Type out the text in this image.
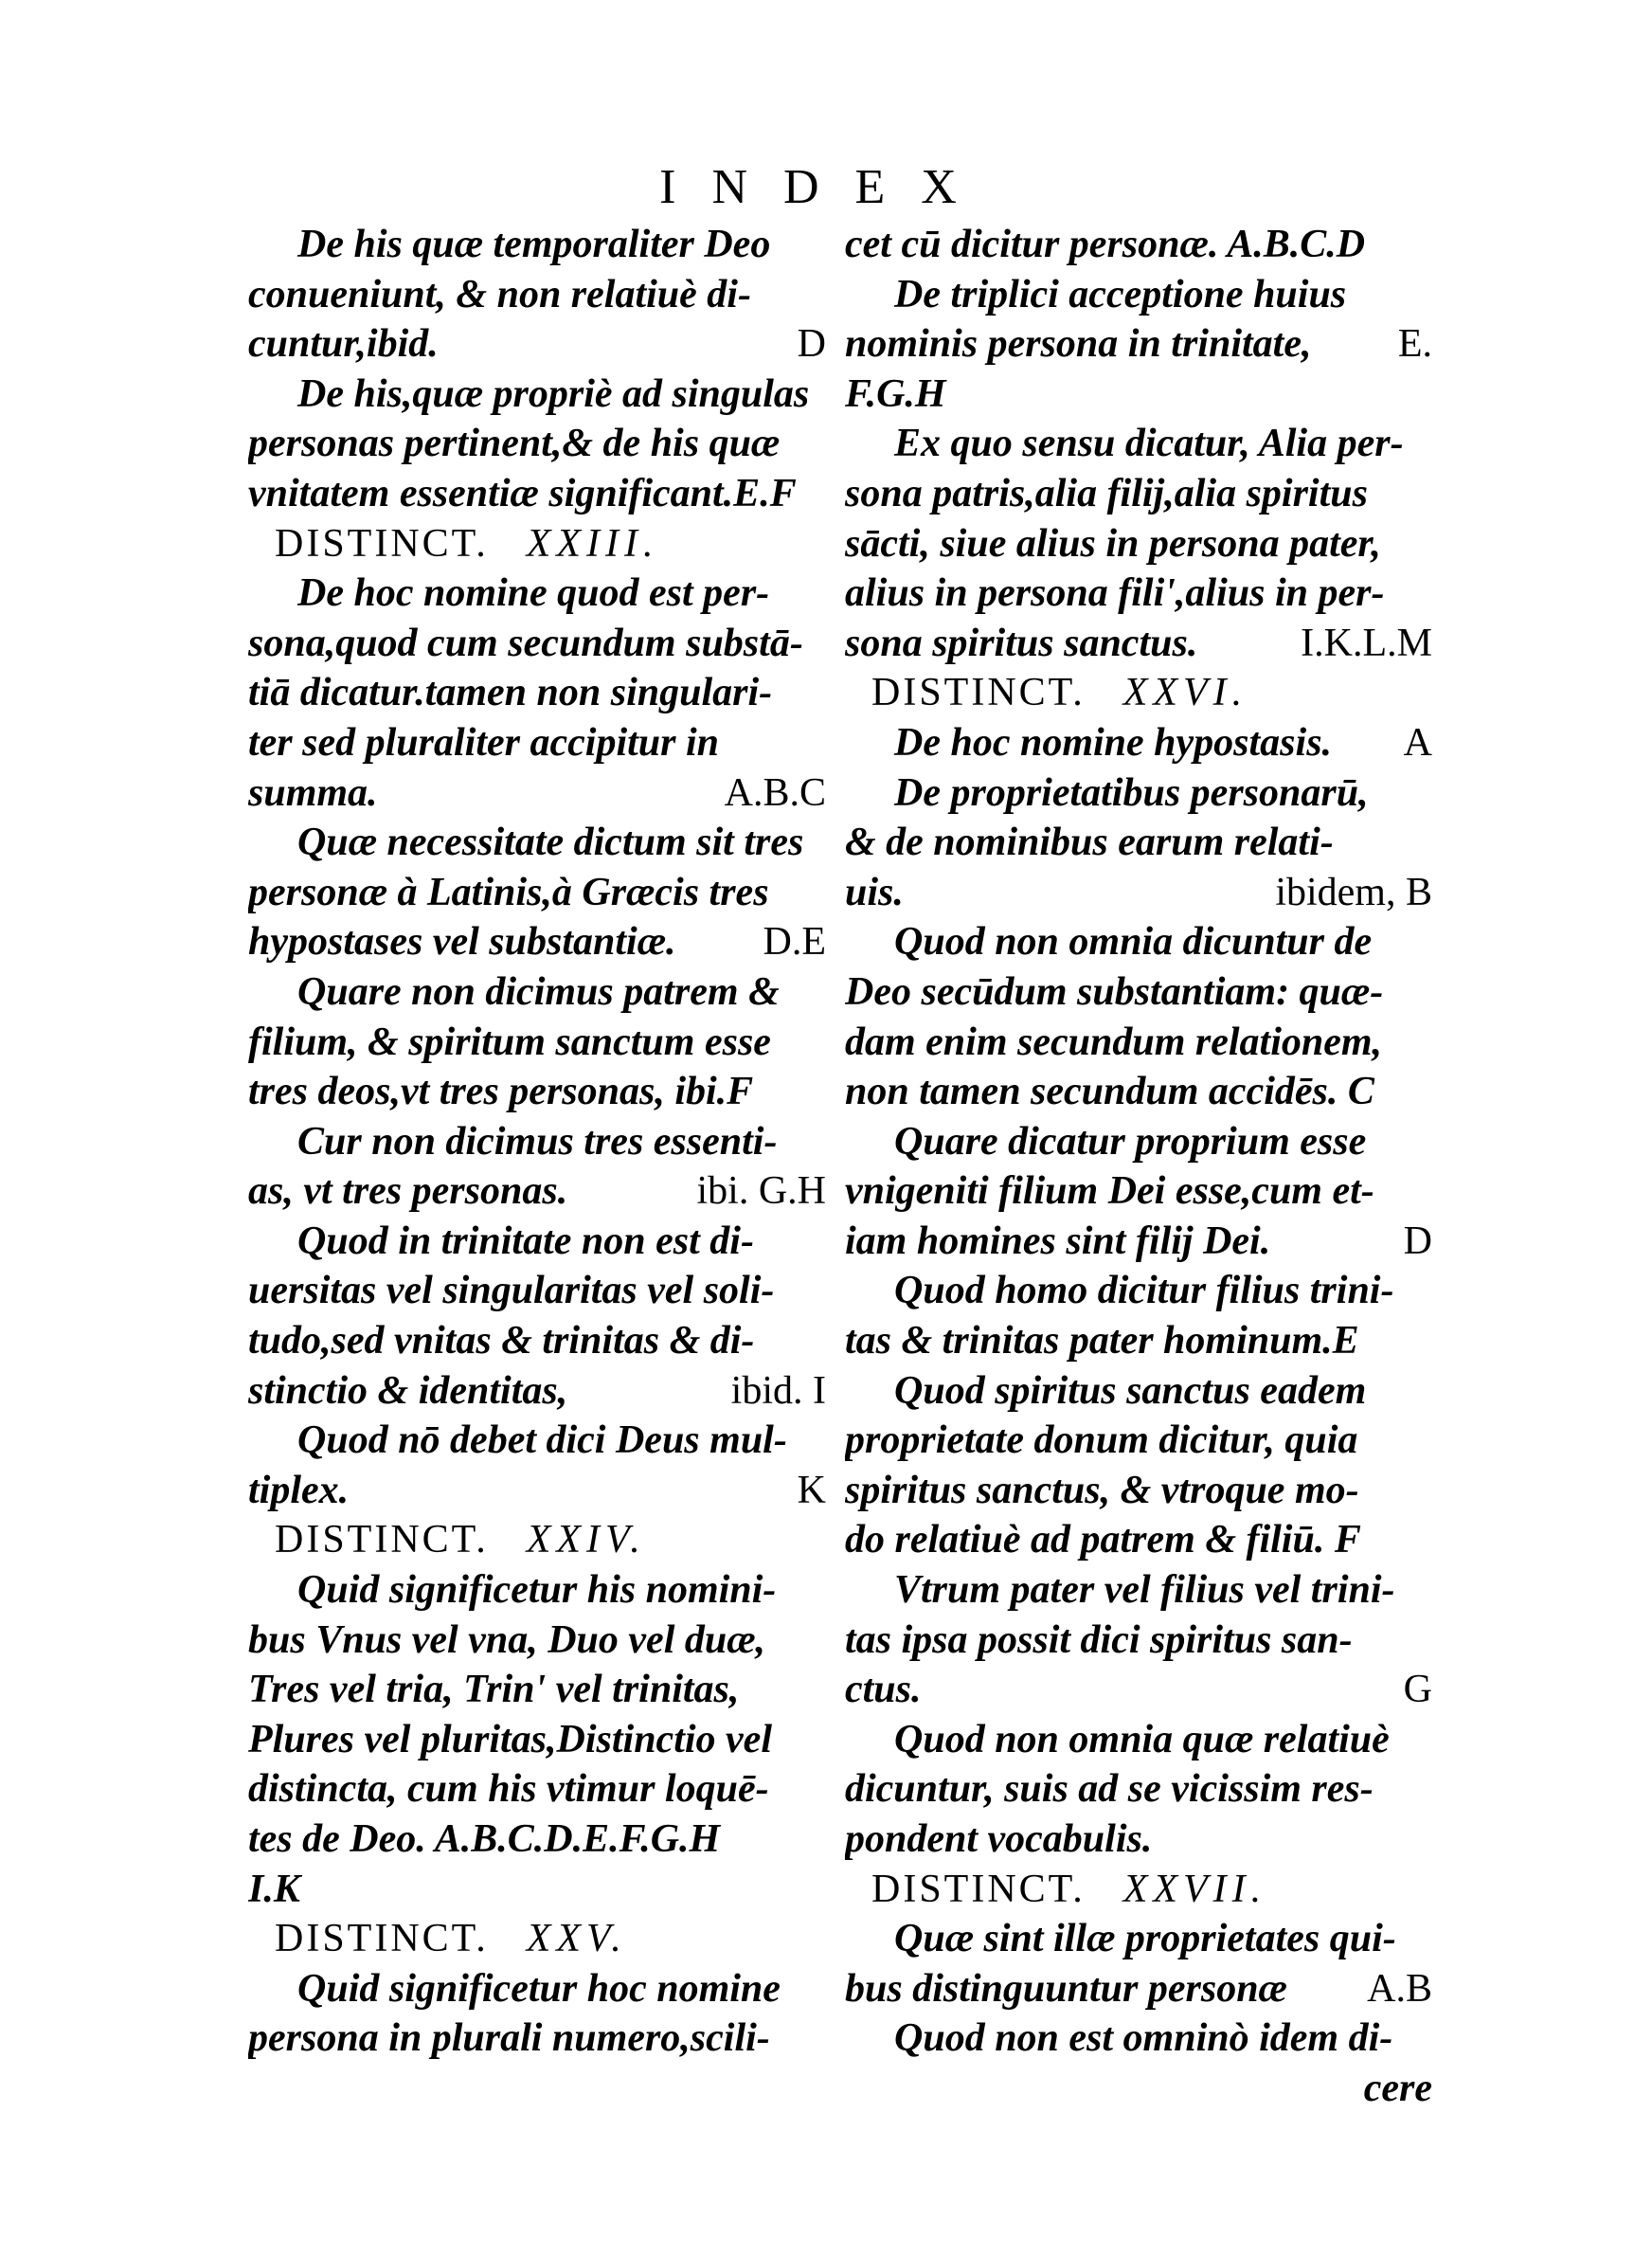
INDEX
De his quæ temporaliter Deo
conueniunt, & non relatiuè di-
cuntur,ibid.	D
De his,quæ propriè ad singulas
personas pertinent,& de his quæ
vnitatem essentiæ significant.E.F
DISTINCT. XXIII.
De hoc nomine quod est per-
sona,quod cum secundum substā-
tiā dicatur.tamen non singulari-
ter sed pluraliter accipitur in
summa.	A.B.C
Quæ necessitate dictum sit tres
personæ à Latinis,à Græcis tres
hypostases vel substantiæ. D.E
Quare non dicimus patrem &
filium, & spiritum sanctum esse
tres deos,vt tres personas, ibi.F
Cur non dicimus tres essenti-
as, vt tres personas.	ibi. G.H
Quod in trinitate non est di-
uersitas vel singularitas vel soli-
tudo,sed vnitas & trinitas & di-
stinctio & identitas,	ibid. I
Quod nō debet dici Deus mul-
tiplex.	K
DISTINCT. XXIV.
Quid significetur his nomini-
bus Vnus vel vna, Duo vel duæ,
Tres vel tria, Trin' vel trinitas,
Plures vel pluritas,Distinctio vel
distincta, cum his vtimur loquē-
tes de Deo. A.B.C.D.E.F.G.H
I.K
DISTINCT. XXV.
Quid significetur hoc nomine
persona in plurali numero,scili-
cet cū dicitur personæ. A.B.C.D
De triplici acceptione huius
nominis persona in trinitate, E.
F.G.H
Ex quo sensu dicatur, Alia per-
sona patris,alia filij,alia spiritus
sācti, siue alius in persona pater,
alius in persona fili',alius in per-
sona spiritus sanctus.	I.K.L.M
DISTINCT. XXVI.
De hoc nomine hypostasis. A
De proprietatibus personarū,
& de nominibus earum relati-
uis.	ibidem, B
Quod non omnia dicuntur de
Deo secūdum substantiam: quæ-
dam enim secundum relationem,
non tamen secundum accidēs. C
Quare dicatur proprium esse
vnigeniti filium Dei esse,cum et-
iam homines sint filij Dei.	D
Quod homo dicitur filius trini-
tas & trinitas pater hominum.E
Quod spiritus sanctus eadem
proprietate donum dicitur, quia
spiritus sanctus, & vtroque mo-
do relatiuè ad patrem & filiū. F
Vtrum pater vel filius vel trini-
tas ipsa possit dici spiritus san-
ctus.	G
Quod non omnia quæ relatiuè
dicuntur, suis ad se vicissim res-
pondent vocabulis.
DISTINCT. XXVII.
Quæ sint illæ proprietates qui-
bus distinguuntur personæ A.B
Quod non est omninò idem di-
cere
